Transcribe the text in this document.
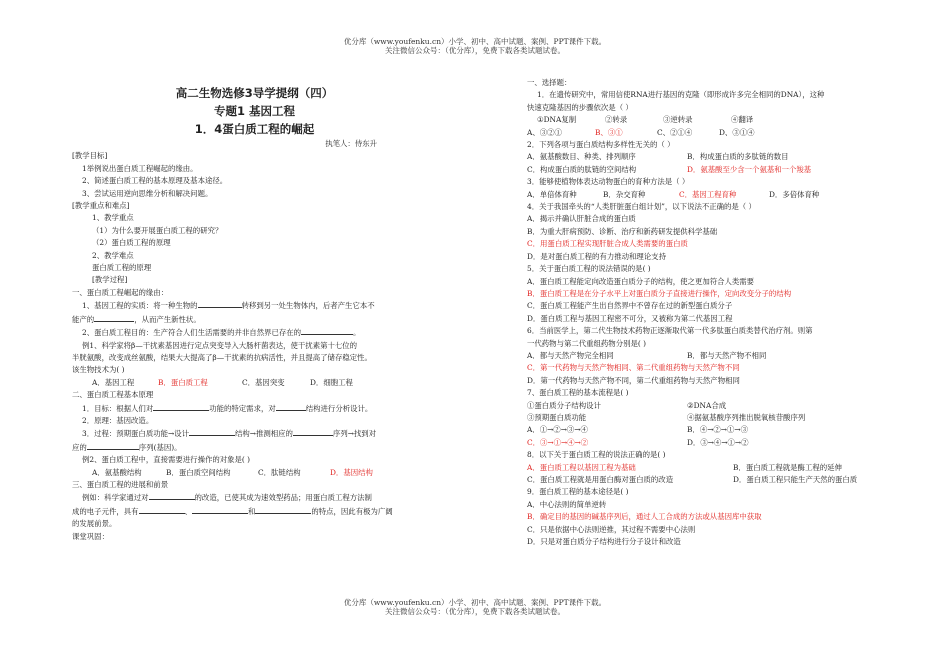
优分库（www.youfenku.cn）小学、初中、高中试题、案例、PPT课件下载。
关注微信公众号：（优分库），免费下载各类试题试卷。
高二生物选修3导学提纲（四）
专题1 基因工程
1．4蛋白质工程的崛起
执笔人：侍东升
[教学目标]
1举例说出蛋白质工程崛起的缘由。
2、简述蛋白质工程的基本原理及基本途径。
3、尝试运用逆向思维分析和解决问题。
[教学重点和难点]
1、教学重点
（1）为什么要开展蛋白质工程的研究？
（2）蛋白质工程的原理
2、教学难点
蛋白质工程的原理
[教学过程]
一、蛋白质工程崛起的缘由：
1、基因工程的实质：将一种生物的	转移到另一处生物体内，后者产生它本不
能产的	，从而产生新性状。
2、蛋白质工程目的：生产符合人们生活需要的并非自然界已存在的	。
例1、科学家将β—干扰素基因进行定点突变导入大肠杆菌表达，使干扰素第十七位的
半胱氨酸，改变成丝氨酸，结果大大提高了β—干扰素的抗病活性，并且提高了储存稳定性。
该生物技术为( )
A．基因工程	B．蛋白质工程	C．基因突变	D．细胞工程
二、蛋白质工程基本原理
1．目标：根据人们对	功能的特定需求，对	结构进行分析设计。
2．原理：基因改造。
3．过程：预期蛋白质功能→设计	结构→推测相应的	序列→找到对
应的	序列(基因)。
例2、蛋白质工程中，直接需要进行操作的对象是( )
A．氨基酸结构	B．蛋白质空间结构	C．肽链结构	D．基因结构
三、蛋白质工程的进展和前景
例如：科学家通过对	的改造，已使其成为速效型药品；用蛋白质工程方法制
成的电子元件，具有	、	和	的特点，因此有极为广阔
的发展前景。
课堂巩固：
一、选择题：
1．在遗传研究中，常用信使RNA进行基因的克隆（即形成许多完全相同的DNA），这种
快速克隆基因的步骤依次是（ ）
①DNA复制	②转录	③逆转录	④翻译
A、③②①	B、③①	C、②①④	D、③①④
2．下列各项与蛋白质结构多样性无关的（ ）
A．氨基酸数目、种类、排列顺序	B．构成蛋白质的多肽链的数目
C．构成蛋白质的肽链的空间结构	D．氨基酸至少含一个氨基和一个羧基
3．能够使植物体表达动物蛋白的育种方法是（ ）
A．单倍体育种	B．杂交育种	C．基因工程育种	D．多倍体育种
4．关于我国牵头的“人类肝脏蛋白组计划”，以下说法不正确的是（ ）
A．揭示并确认肝脏合成的蛋白质
B．为重大肝病预防、诊断、治疗和新药研发提供科学基础
C．用蛋白质工程实现肝脏合成人类需要的蛋白质
D．是对蛋白质工程的有力推动和理论支持
5．关于蛋白质工程的说法错误的是( )
A．蛋白质工程能定向改造蛋白质分子的结构，使之更加符合人类需要
B．蛋白质工程是在分子水平上对蛋白质分子直接进行操作，定向改变分子的结构
C．蛋白质工程能产生出自然界中不曾存在过的新型蛋白质分子
D．蛋白质工程与基因工程密不可分，又被称为第二代基因工程
6．当前医学上，第二代生物技术药物正逐渐取代第一代多肽蛋白质类替代治疗剂。则第
一代药物与第二代重组药物分别是( )
A．都与天然产物完全相同	B．都与天然产物不相同
C．第一代药物与天然产物相同、第二代重组药物与天然产物不同
D．第一代药物与天然产物不同，第二代重组药物与天然产物相同
7、蛋白质工程的基本流程是( )
①蛋白质分子结构设计	②DNA合成
③预期蛋白质功能	④据氨基酸序列推出脱氧核苷酸序列
A．①→②→③→④	B．④→②→①→③
C．③→①→④→②	D．③→④→①→②
8．以下关于蛋白质工程的说法正确的是( )
A．蛋白质工程以基因工程为基础	B．蛋白质工程就是酶工程的延伸
C．蛋白质工程就是用蛋白酶对蛋白质的改造	D．蛋白质工程只能生产天然的蛋白质
9．蛋白质工程的基本途径是( )
A．中心法则的简单逆转
B．确定目的基因的碱基序列后，通过人工合成的方法或从基因库中获取
C．只是依据中心法则逆推，其过程不需要中心法则
D．只是对蛋白质分子结构进行分子设计和改造
优分库（www.youfenku.cn）小学、初中、高中试题、案例、PPT课件下载。
关注微信公众号：（优分库），免费下载各类试题试卷。
